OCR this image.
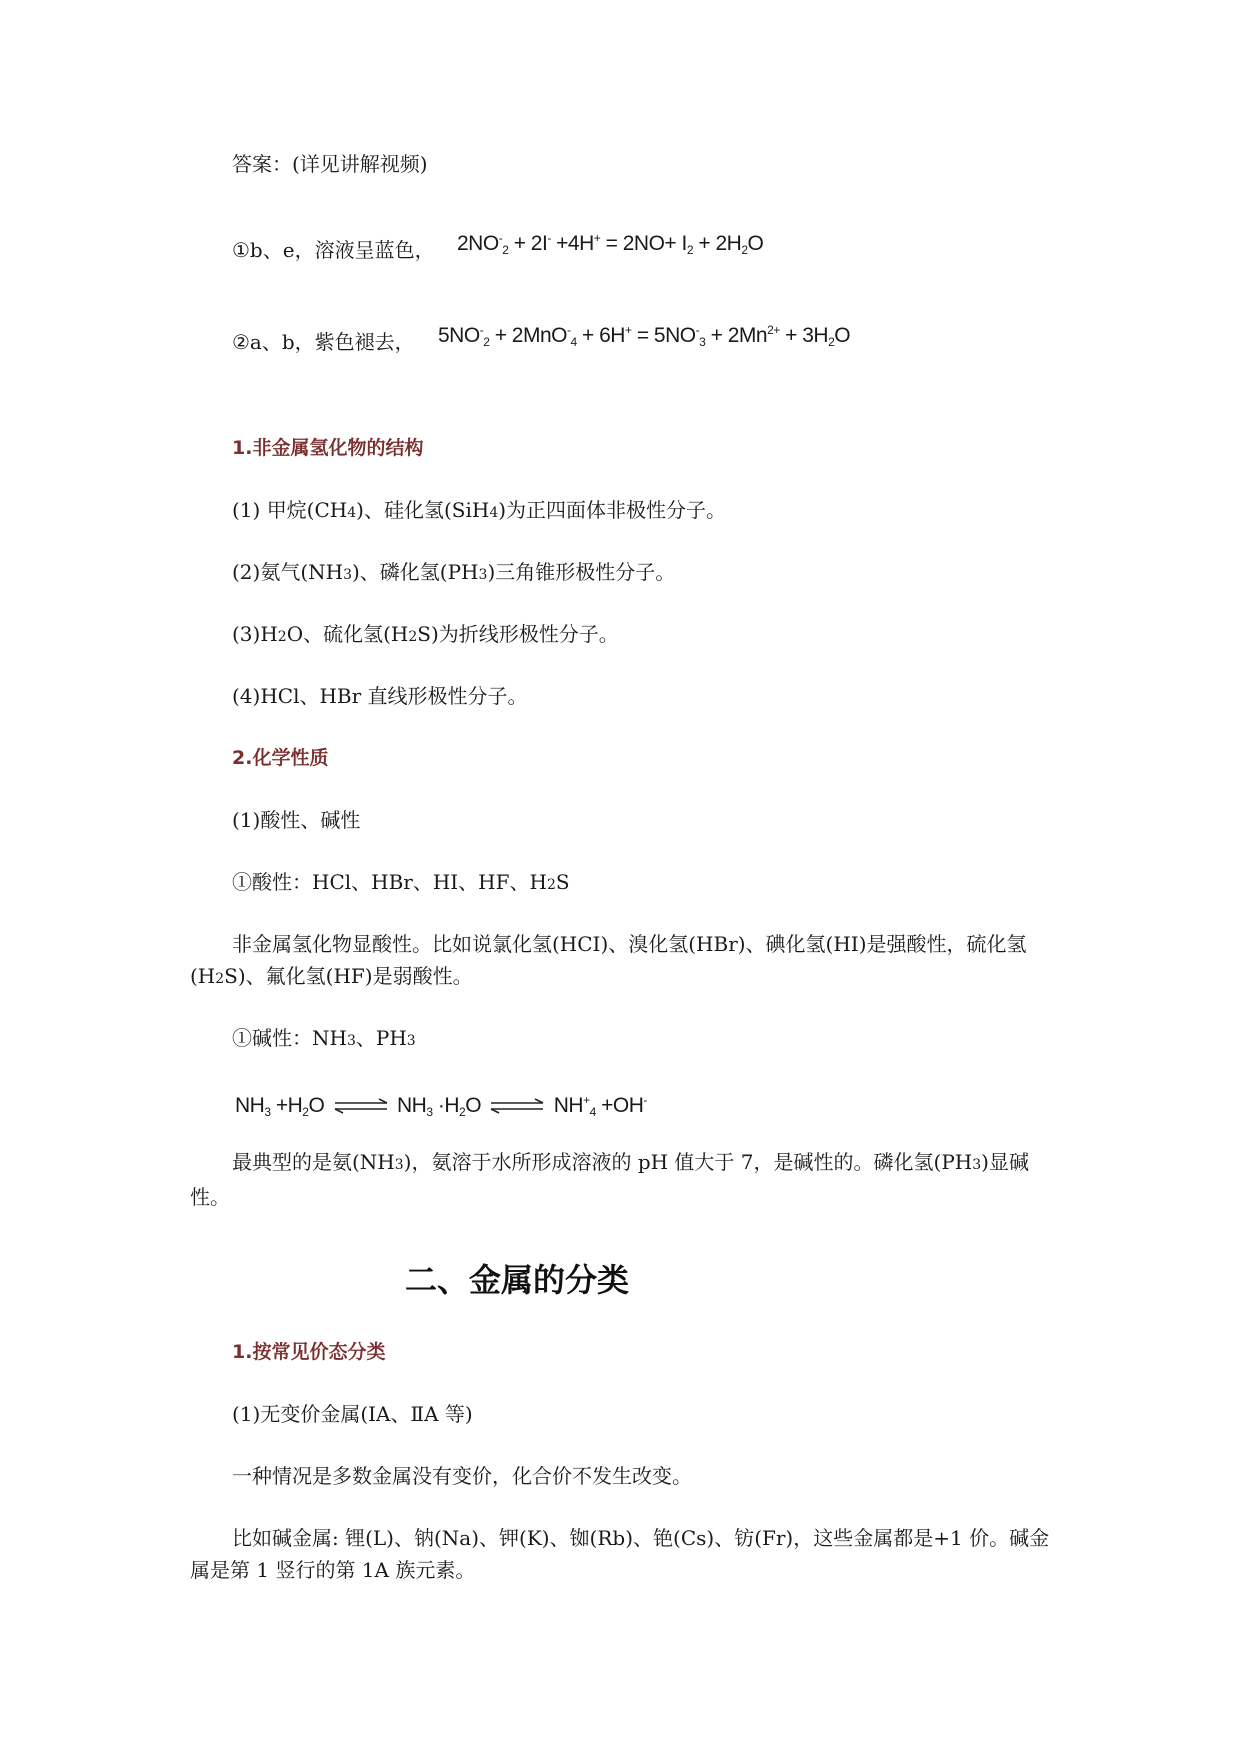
答案：(详见讲解视频)
①b、e，溶液呈蓝色， $2NO^-_2 + 2I^- +4H^+ = 2NO+ I_2 + 2H_2O$
②a、b，紫色褪去， $5NO^-_2 + 2MnO^-_4 + 6H^+ = 5NO^-_3 + 2Mn^{2+} + 3H_2O$
1.非金属氢化物的结构
(1) 甲烷(CH4)、硅化氢(SiH4)为正四面体非极性分子。
(2)氨气(NH3)、磷化氢(PH3)三角锥形极性分子。
(3)H2O、硫化氢(H2S)为折线形极性分子。
(4)HCl、HBr 直线形极性分子。
2.化学性质
(1)酸性、碱性
①酸性：HCl、HBr、HI、HF、H2S
非金属氢化物显酸性。比如说氯化氢(HCI)、溴化氢(HBr)、碘化氢(HI)是强酸性，硫化氢(H2S)、氟化氢(HF)是弱酸性。
①碱性：NH3、PH3
$NH_3 +H_2O$ ⇌ $NH_3 \cdot H_2O$ ⇌ $NH^+_4 +OH^-$
最典型的是氨(NH3)，氨溶于水所形成溶液的 pH 值大于 7，是碱性的。磷化氢(PH3)显碱性。
二、金属的分类
1.按常见价态分类
(1)无变价金属(IA、ⅡA 等)
一种情况是多数金属没有变价，化合价不发生改变。
比如碱金属: 锂(L)、钠(Na)、钾(K)、铷(Rb)、铯(Cs)、钫(Fr)，这些金属都是+1 价。碱金属是第 1 竖行的第 1A 族元素。
